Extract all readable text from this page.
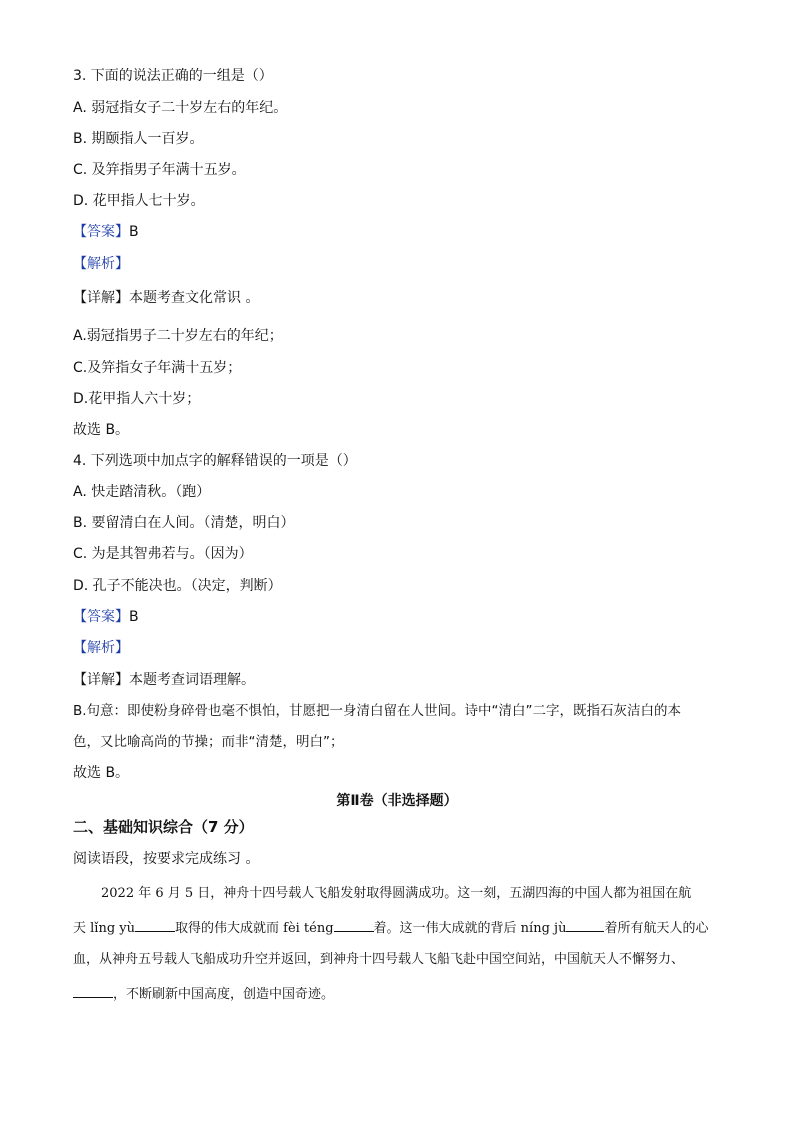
3. 下面的说法正确的一组是（）
A. 弱冠指女子二十岁左右的年纪。
B. 期颐指人一百岁。
C. 及笄指男子年满十五岁。
D. 花甲指人七十岁。
【答案】B
【解析】
【详解】本题考查文化常识 。
A.弱冠指男子二十岁左右的年纪；
C.及笄指女子年满十五岁；
D.花甲指人六十岁；
故选 B。
4. 下列选项中加点字的解释错误的一项是（）
A. 快走踏清秋。（跑）
B. 要留清白在人间。（清楚，明白）
C. 为是其智弗若与。（因为）
D. 孔子不能决也。（决定，判断）
【答案】B
【解析】
【详解】本题考查词语理解。
B.句意：即使粉身碎骨也毫不惧怕，甘愿把一身清白留在人世间。诗中“清白”二字，既指石灰洁白的本
色，又比喻高尚的节操；而非“清楚，明白”；
故选 B。
第Ⅱ卷（非选择题）
二、基础知识综合（7 分）
阅读语段，按要求完成练习 。
2022 年 6 月 5 日，神舟十四号载人飞船发射取得圆满成功。这一刻，五湖四海的中国人都为祖国在航
天 lǐng yù	取得的伟大成就而 fèi téng	着。这一伟大成就的背后 níng jù	着所有航天人的心
血，从神舟五号载人飞船成功升空并返回，到神舟十四号载人飞船飞赴中国空间站，中国航天人不懈努力、
，不断刷新中国高度，创造中国奇迹。
